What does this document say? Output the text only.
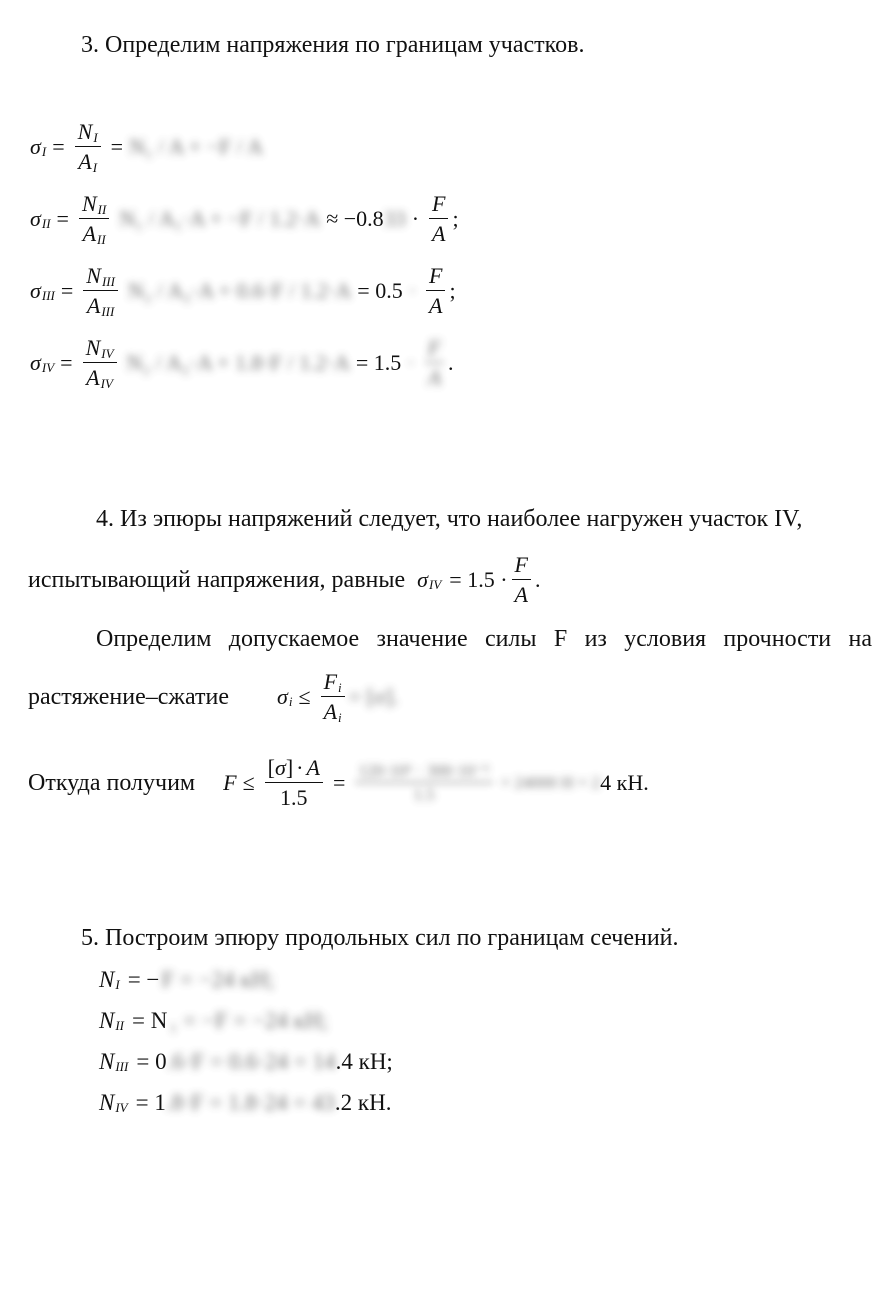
3. Определим напряжения по границам участков.
σ $I = \frac{NI}{AI} = N_1 / A + -F / A$
σ II = $\frac{\text{NII}}{\text{AII}} N_1 / A_1\cdot A + -F / 1.2\cdot A \approx -0.8$ $33 \cdot \frac{F}{A}$ ;
σ III = $\frac{\text{NIII}}{\text{AIII}} N_2 / A_2\cdot A + 0.6\cdot F / 1.2\cdot A = 0.5 \cdot \frac{F}{A}$ ;
σ IV = $\frac{\text{NIV}}{\text{AIV}} N_2 / A_2\cdot A + 1.8\cdot F / 1.2\cdot A = 1.5 \cdot \frac{F}{A}$ .
4. Из эпюры напряжений следует, что наиболее нагружен участок IV,
испытывающий напряжения, равные σ IV = $1.5 \cdot \frac{F}{A}$ .
Определим допускаемое значение силы F из условия прочности на
растяжение–сжатие σ $i \le \frac{Fi}{Ai} = [\sigma]$.
Откуда получим $F \le \frac{[\sigma] \cdot A}{1.5} = \frac{\text{120·10⁶ · 300·10⁻⁶}}{1.5} = 24000$ Н = 2 4 кН.
5. Построим эпюру продольных сил по границам сечений.
N I = − F = −24 кН;
N II = N ₁ = −F = −24 кН;
N III = 0 .6·F = 0.6·24 = 14 .4 кН;
N IV = 1 .8·F = 1.8·24 = 43 .2 кН.
